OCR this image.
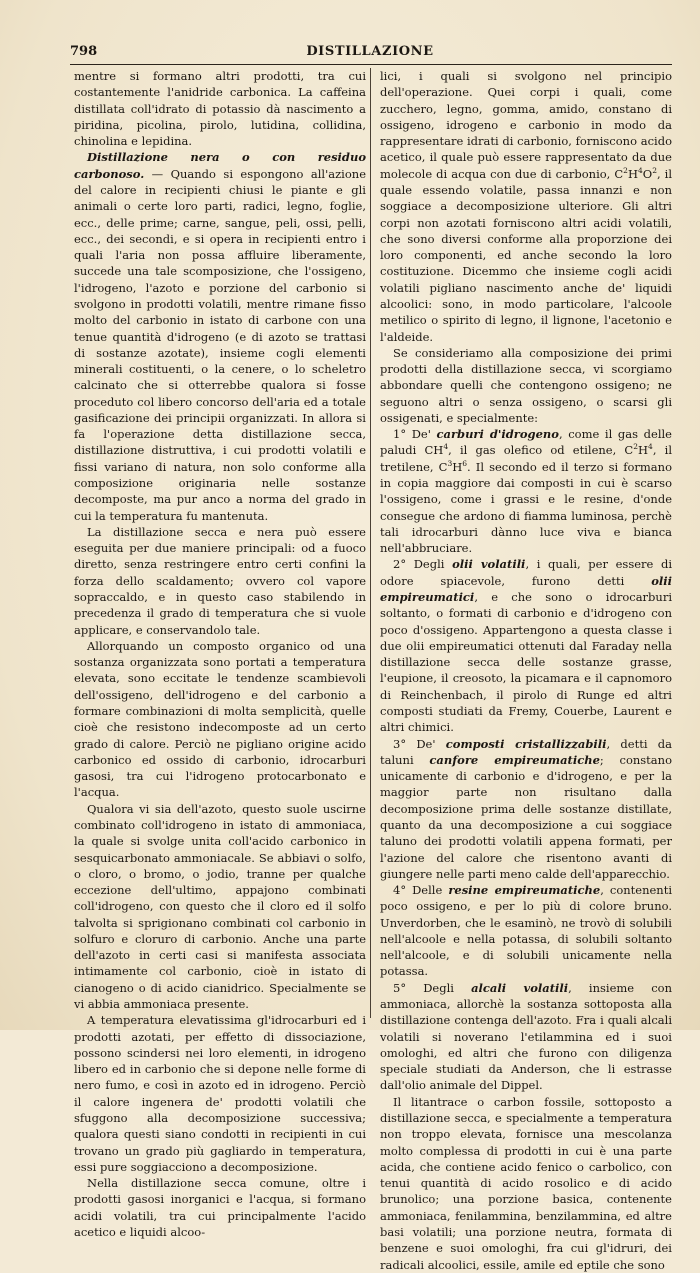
798	DISTILLAZIONE

mentre si formano altri prodotti, tra cui costantemente l'anidride carbonica. La caffeina distillata coll'idrato di potassio dà nascimento a piridina, picolina, pirolo, lutidina, collidina, chinolina e lepidina.

Distillazione nera o con residuo carbonoso. — Quando si espongono all'azione del calore in recipienti chiusi le piante e gli animali o certe loro parti, radici, legno, foglie, ecc., delle prime; carne, sangue, peli, ossi, pelli, ecc., dei secondi, e si opera in recipienti entro i quali l'aria non possa affluire liberamente, succede una tale scomposizione, che l'ossigeno, l'idrogeno, l'azoto e porzione del carbonio si svolgono in prodotti volatili, mentre rimane fisso molto del carbonio in istato di carbone con una tenue quantità d'idrogeno (e di azoto se trattasi di sostanze azotate), insieme cogli elementi minerali costituenti, o la cenere, o lo scheletro calcinato che si otterrebbe qualora si fosse proceduto col libero concorso dell'aria ed a totale gasificazione dei principii organizzati. In allora si fa l'operazione detta distillazione secca, distillazione distruttiva, i cui prodotti volatili e fissi variano di natura, non solo conforme alla composizione originaria nelle sostanze decomposte, ma pur anco a norma del grado in cui la temperatura fu mantenuta.

La distillazione secca e nera può essere eseguita per due maniere principali: od a fuoco diretto, senza restringere entro certi confini la forza dello scaldamento; ovvero col vapore sopraccaldo, e in questo caso stabilendo in precedenza il grado di temperatura che si vuole applicare, e conservandolo tale.

Allorquando un composto organico od una sostanza organizzata sono portati a temperatura elevata, sono eccitate le tendenze scambievoli dell'ossigeno, dell'idrogeno e del carbonio a formare combinazioni di molta semplicità, quelle cioè che resistono indecomposte ad un certo grado di calore. Perciò ne pigliano origine acido carbonico ed ossido di carbonio, idrocarburi gasosi, tra cui l'idrogeno protocarbonato e l'acqua.

Qualora vi sia dell'azoto, questo suole uscirne combinato coll'idrogeno in istato di ammoniaca, la quale si svolge unita coll'acido carbonico in sesquicarbonato ammoniacale. Se abbiavi o solfo, o cloro, o bromo, o jodio, tranne per qualche eccezione dell'ultimo, appajono combinati coll'idrogeno, con questo che il cloro ed il solfo talvolta si sprigionano combinati col carbonio in solfuro e cloruro di carbonio. Anche una parte dell'azoto in certi casi si manifesta associata intimamente col carbonio, cioè in istato di cianogeno o di acido cianidrico. Specialmente se vi abbia ammoniaca presente.

A temperatura elevatissima gl'idrocarburi ed i prodotti azotati, per effetto di dissociazione, possono scindersi nei loro elementi, in idrogeno libero ed in carbonio che si depone nelle forme di nero fumo, e così in azoto ed in idrogeno. Perciò il calore ingenera de' prodotti volatili che sfuggono alla decomposizione successiva; qualora questi siano condotti in recipienti in cui trovano un grado più gagliardo in temperatura, essi pure soggiacciono a decomposizione.

Nella distillazione secca comune, oltre i prodotti gasosi inorganici e l'acqua, si formano acidi volatili, tra cui principalmente l'acido acetico e liquidi alcoo-

lici, i quali si svolgono nel principio dell'operazione. Quei corpi i quali, come zucchero, legno, gomma, amido, constano di ossigeno, idrogeno e carbonio in modo da rappresentare idrati di carbonio, forniscono acido acetico, il quale può essere rappresentato da due molecole di acqua con due di carbonio, $C^2H^4O^2$, il quale essendo volatile, passa innanzi e non soggiace a decomposizione ulteriore. Gli altri corpi non azotati forniscono altri acidi volatili, che sono diversi conforme alla proporzione dei loro componenti, ed anche secondo la loro costituzione. Dicemmo che insieme cogli acidi volatili pigliano nascimento anche de' liquidi alcoolici: sono, in modo particolare, l'alcoole metilico o spirito di legno, il lignone, l'acetonio e l'aldeide.

Se consideriamo alla composizione dei primi prodotti della distillazione secca, vi scorgiamo abbondare quelli che contengono ossigeno; ne seguono altri o senza ossigeno, o scarsi gli ossigenati, e specialmente:

1° De' carburi d'idrogeno, come il gas delle paludi $CH^4$, il gas olefico od etilene, $C^2H^4$, il tretilene, $C^3H^6$. Il secondo ed il terzo si formano in copia maggiore dai composti in cui è scarso l'ossigeno, come i grassi e le resine, d'onde consegue che ardono di fiamma luminosa, perchè tali idrocarburi dànno luce viva e bianca nell'abbruciare.

2° Degli olii volatili, i quali, per essere di odore spiacevole, furono detti olii empireumatici, e che sono o idrocarburi soltanto, o formati di carbonio e d'idrogeno con poco d'ossigeno. Appartengono a questa classe i due olii empireumatici ottenuti dal Faraday nella distillazione secca delle sostanze grasse, l'eupione, il creosoto, la picamara e il capnomoro di Reinchenbach, il pirolo di Runge ed altri composti studiati da Fremy, Couerbe, Laurent e altri chimici.

3° De' composti cristallizzabili, detti da taluni canfore empireumatiche; constano unicamente di carbonio e d'idrogeno, e per la maggior parte non risultano dalla decomposizione prima delle sostanze distillate, quanto da una decomposizione a cui soggiace taluno dei prodotti volatili appena formati, per l'azione del calore che risentono avanti di giungere nelle parti meno calde dell'apparecchio.

4° Delle resine empireumatiche, contenenti poco ossigeno, e per lo più di colore bruno. Unverdorben, che le esaminò, ne trovò di solubili nell'alcoole e nella potassa, di solubili soltanto nell'alcoole, e di solubili unicamente nella potassa.

5° Degli alcali volatili, insieme con ammoniaca, allorchè la sostanza sottoposta alla distillazione contenga dell'azoto. Fra i quali alcali volatili si noverano l'etilammina ed i suoi omologhi, ed altri che furono con diligenza speciale studiati da Anderson, che li estrasse dall'olio animale del Dippel.

Il litantrace o carbon fossile, sottoposto a distillazione secca, e specialmente a temperatura non troppo elevata, fornisce una mescolanza molto complessa di prodotti in cui è una parte acida, che contiene acido fenico o carbolico, con tenui quantità di acido rosolico e di acido brunolico; una porzione basica, contenente ammoniaca, fenilammina, benzilammina, ed altre basi volatili; una porzione neutra, formata di benzene e suoi omologhi, fra cui gl'idruri, dei radicali alcoolici, essile, amile ed eptile che sono
